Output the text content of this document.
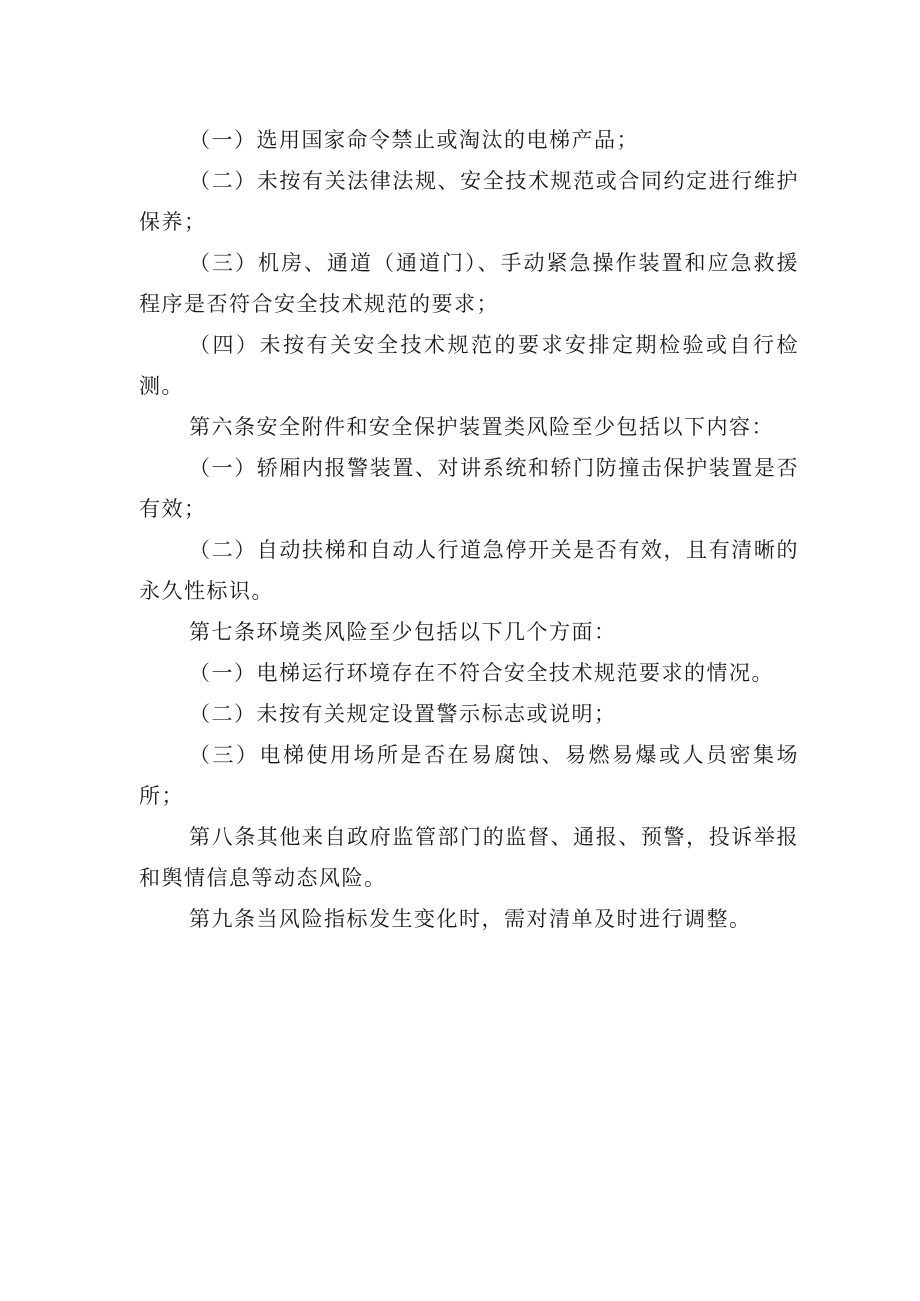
（一）选用国家命令禁止或淘汰的电梯产品；

（二）未按有关法律法规、安全技术规范或合同约定进行维护保养；

（三）机房、通道（通道门）、手动紧急操作装置和应急救援程序是否符合安全技术规范的要求；

（四）未按有关安全技术规范的要求安排定期检验或自行检测。

第六条安全附件和安全保护装置类风险至少包括以下内容：

（一）轿厢内报警装置、对讲系统和轿门防撞击保护装置是否有效；

（二）自动扶梯和自动人行道急停开关是否有效，且有清晰的永久性标识。

第七条环境类风险至少包括以下几个方面：

（一）电梯运行环境存在不符合安全技术规范要求的情况。

（二）未按有关规定设置警示标志或说明；

（三）电梯使用场所是否在易腐蚀、易燃易爆或人员密集场所；

第八条其他来自政府监管部门的监督、通报、预警，投诉举报和舆情信息等动态风险。

第九条当风险指标发生变化时，需对清单及时进行调整。
